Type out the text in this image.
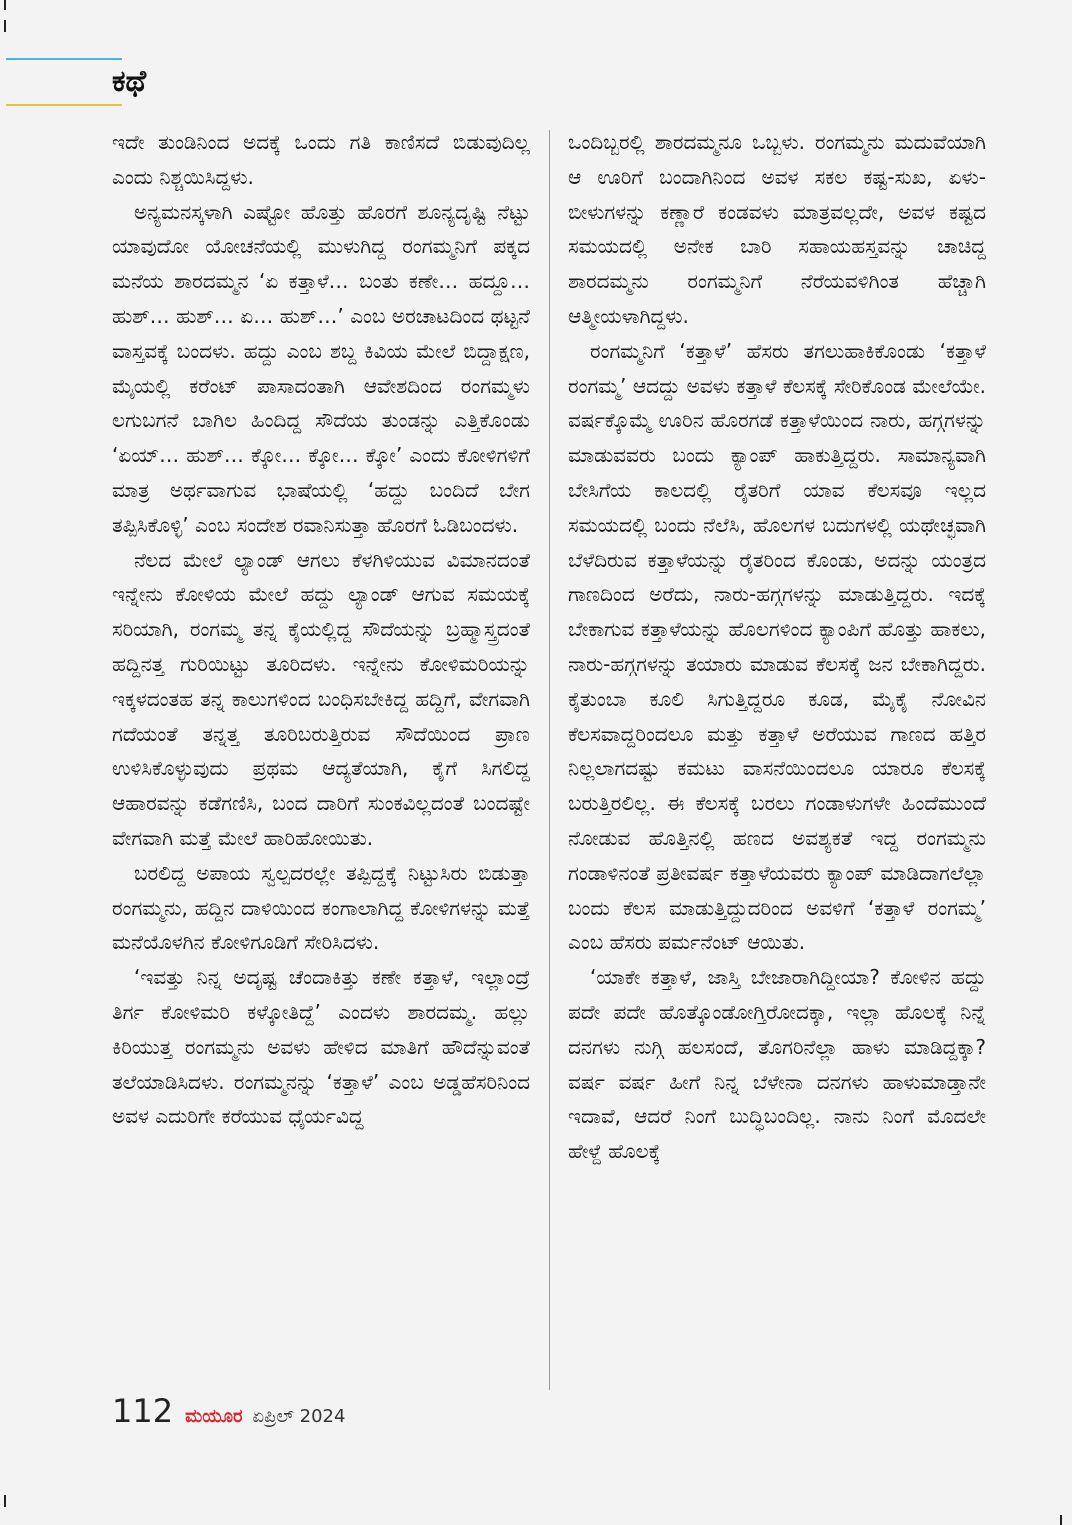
ಕಥೆ

ಇದೇ ತುಂಡಿನಿಂದ ಅದಕ್ಕೆ ಒಂದು ಗತಿ ಕಾಣಿಸದೆ ಬಿಡುವುದಿಲ್ಲ ಎಂದು ನಿಶ್ಚಯಿಸಿದ್ದಳು.

ಅನ್ಯಮನಸ್ಕಳಾಗಿ ಎಷ್ಟೋ ಹೊತ್ತು ಹೊರಗೆ ಶೂನ್ಯದೃಷ್ಟಿ ನೆಟ್ಟು ಯಾವುದೋ ಯೋಚನೆಯಲ್ಲಿ ಮುಳುಗಿದ್ದ ರಂಗಮ್ಮನಿಗೆ ಪಕ್ಕದ ಮನೆಯ ಶಾರದಮ್ಮನ ‘ಏ ಕತ್ತಾಳೆ… ಬಂತು ಕಣೇ… ಹದ್ದೂ… ಹುಶ್… ಹುಶ್… ಏ… ಹುಶ್…’ ಎಂಬ ಅರಚಾಟದಿಂದ ಥಟ್ಟನೆ ವಾಸ್ತವಕ್ಕೆ ಬಂದಳು. ಹದ್ದು ಎಂಬ ಶಬ್ದ ಕಿವಿಯ ಮೇಲೆ ಬಿದ್ದಾಕ್ಷಣ, ಮೈಯಲ್ಲಿ ಕರೆಂಟ್ ಪಾಸಾದಂತಾಗಿ ಆವೇಶದಿಂದ ರಂಗಮ್ಮಳು ಲಗುಬಗನೆ ಬಾಗಿಲ ಹಿಂದಿದ್ದ ಸೌದೆಯ ತುಂಡನ್ನು ಎತ್ತಿಕೊಂಡು ‘ಏಯ್… ಹುಶ್… ಕ್ಕೋ… ಕ್ಕೋ… ಕ್ಕೋ’ ಎಂದು ಕೋಳಿಗಳಿಗೆ ಮಾತ್ರ ಅರ್ಥವಾಗುವ ಭಾಷೆಯಲ್ಲಿ ‘ಹದ್ದು ಬಂದಿದೆ ಬೇಗ ತಪ್ಪಿಸಿಕೊಳ್ಳಿ’ ಎಂಬ ಸಂದೇಶ ರವಾನಿಸುತ್ತಾ ಹೊರಗೆ ಓಡಿಬಂದಳು.

ನೆಲದ ಮೇಲೆ ಲ್ಯಾಂಡ್ ಆಗಲು ಕೆಳಗಿಳಿಯುವ ವಿಮಾನದಂತೆ ಇನ್ನೇನು ಕೋಳಿಯ ಮೇಲೆ ಹದ್ದು ಲ್ಯಾಂಡ್ ಆಗುವ ಸಮಯಕ್ಕೆ ಸರಿಯಾಗಿ, ರಂಗಮ್ಮ ತನ್ನ ಕೈಯಲ್ಲಿದ್ದ ಸೌದೆಯನ್ನು ಬ್ರಹ್ಮಾಸ್ತ್ರದಂತೆ ಹದ್ದಿನತ್ತ ಗುರಿಯಿಟ್ಟು ತೂರಿದಳು. ಇನ್ನೇನು ಕೋಳಿಮರಿಯನ್ನು ಇಕ್ಕಳದಂತಹ ತನ್ನ ಕಾಲುಗಳಿಂದ ಬಂಧಿಸಬೇಕಿದ್ದ ಹದ್ದಿಗೆ, ವೇಗವಾಗಿ ಗದೆಯಂತೆ ತನ್ನತ್ತ ತೂರಿಬರುತ್ತಿರುವ ಸೌದೆಯಿಂದ ಪ್ರಾಣ ಉಳಿಸಿಕೊಳ್ಳುವುದು ಪ್ರಥಮ ಆದ್ಯತೆಯಾಗಿ, ಕೈಗೆ ಸಿಗಲಿದ್ದ ಆಹಾರವನ್ನು ಕಡೆಗಣಿಸಿ, ಬಂದ ದಾರಿಗೆ ಸುಂಕವಿಲ್ಲದಂತೆ ಬಂದಷ್ಟೇ ವೇಗವಾಗಿ ಮತ್ತೆ ಮೇಲೆ ಹಾರಿಹೋಯಿತು.

ಬರಲಿದ್ದ ಅಪಾಯ ಸ್ವಲ್ಪದರಲ್ಲೇ ತಪ್ಪಿದ್ದಕ್ಕೆ ನಿಟ್ಟುಸಿರು ಬಿಡುತ್ತಾ ರಂಗಮ್ಮನು, ಹದ್ದಿನ ದಾಳಿಯಿಂದ ಕಂಗಾಲಾಗಿದ್ದ ಕೋಳಿಗಳನ್ನು ಮತ್ತೆ ಮನೆಯೊಳಗಿನ ಕೋಳಿಗೂಡಿಗೆ ಸೇರಿಸಿದಳು.

‘ಇವತ್ತು ನಿನ್ನ ಅದೃಷ್ಟ ಚೆಂದಾಕಿತ್ತು ಕಣೇ ಕತ್ತಾಳೆ, ಇಲ್ಲಾಂದ್ರೆ ತಿರ್ಗ ಕೋಳಿಮರಿ ಕಳ್ಕೋತಿದ್ದೆ’ ಎಂದಳು ಶಾರದಮ್ಮ. ಹಲ್ಲು ಕಿರಿಯುತ್ತ ರಂಗಮ್ಮನು ಅವಳು ಹೇಳಿದ ಮಾತಿಗೆ ಹೌದೆನ್ನುವಂತೆ ತಲೆಯಾಡಿಸಿದಳು. ರಂಗಮ್ಮನನ್ನು ‘ಕತ್ತಾಳೆ’ ಎಂಬ ಅಡ್ಡಹೆಸರಿನಿಂದ ಅವಳ ಎದುರಿಗೇ ಕರೆಯುವ ಧೈರ್ಯವಿದ್ದ

ಒಂದಿಬ್ಬರಲ್ಲಿ ಶಾರದಮ್ಮನೂ ಒಬ್ಬಳು. ರಂಗಮ್ಮನು ಮದುವೆಯಾಗಿ ಆ ಊರಿಗೆ ಬಂದಾಗಿನಿಂದ ಅವಳ ಸಕಲ ಕಷ್ಟ-ಸುಖ, ಏಳು-ಬೀಳುಗಳನ್ನು ಕಣ್ಣಾರೆ ಕಂಡವಳು ಮಾತ್ರವಲ್ಲದೇ, ಅವಳ ಕಷ್ಟದ ಸಮಯದಲ್ಲಿ ಅನೇಕ ಬಾರಿ ಸಹಾಯಹಸ್ತವನ್ನು ಚಾಚಿದ್ದ ಶಾರದಮ್ಮನು ರಂಗಮ್ಮನಿಗೆ ನೆರೆಯವಳಿಗಿಂತ ಹೆಚ್ಚಾಗಿ ಆತ್ಮೀಯಳಾಗಿದ್ದಳು.

ರಂಗಮ್ಮನಿಗೆ ‘ಕತ್ತಾಳೆ’ ಹೆಸರು ತಗಲುಹಾಕಿಕೊಂಡು ‘ಕತ್ತಾಳೆ ರಂಗಮ್ಮ’ ಆದದ್ದು ಅವಳು ಕತ್ತಾಳೆ ಕೆಲಸಕ್ಕೆ ಸೇರಿಕೊಂಡ ಮೇಲೆಯೇ. ವರ್ಷಕ್ಕೊಮ್ಮೆ ಊರಿನ ಹೊರಗಡೆ ಕತ್ತಾಳೆಯಿಂದ ನಾರು, ಹಗ್ಗಗಳನ್ನು ಮಾಡುವವರು ಬಂದು ಕ್ಯಾಂಪ್ ಹಾಕುತ್ತಿದ್ದರು. ಸಾಮಾನ್ಯವಾಗಿ ಬೇಸಿಗೆಯ ಕಾಲದಲ್ಲಿ ರೈತರಿಗೆ ಯಾವ ಕೆಲಸವೂ ಇಲ್ಲದ ಸಮಯದಲ್ಲಿ ಬಂದು ನೆಲೆಸಿ, ಹೊಲಗಳ ಬದುಗಳಲ್ಲಿ ಯಥೇಚ್ಛವಾಗಿ ಬೆಳೆದಿರುವ ಕತ್ತಾಳೆಯನ್ನು ರೈತರಿಂದ ಕೊಂಡು, ಅದನ್ನು ಯಂತ್ರದ ಗಾಣದಿಂದ ಅರೆದು, ನಾರು-ಹಗ್ಗಗಳನ್ನು ಮಾಡುತ್ತಿದ್ದರು. ಇದಕ್ಕೆ ಬೇಕಾಗುವ ಕತ್ತಾಳೆಯನ್ನು ಹೊಲಗಳಿಂದ ಕ್ಯಾಂಪಿಗೆ ಹೊತ್ತು ಹಾಕಲು, ನಾರು-ಹಗ್ಗಗಳನ್ನು ತಯಾರು ಮಾಡುವ ಕೆಲಸಕ್ಕೆ ಜನ ಬೇಕಾಗಿದ್ದರು. ಕೈತುಂಬಾ ಕೂಲಿ ಸಿಗುತ್ತಿದ್ದರೂ ಕೂಡ, ಮೈಕೈ ನೋವಿನ ಕೆಲಸವಾದ್ದರಿಂದಲೂ ಮತ್ತು ಕತ್ತಾಳೆ ಅರೆಯುವ ಗಾಣದ ಹತ್ತಿರ ನಿಲ್ಲಲಾಗದಷ್ಟು ಕಮಟು ವಾಸನೆಯಿಂದಲೂ ಯಾರೂ ಕೆಲಸಕ್ಕೆ ಬರುತ್ತಿರಲಿಲ್ಲ. ಈ ಕೆಲಸಕ್ಕೆ ಬರಲು ಗಂಡಾಳುಗಳೇ ಹಿಂದೆಮುಂದೆ ನೋಡುವ ಹೊತ್ತಿನಲ್ಲಿ ಹಣದ ಅವಶ್ಯಕತೆ ಇದ್ದ ರಂಗಮ್ಮನು ಗಂಡಾಳಿನಂತೆ ಪ್ರತೀವರ್ಷ ಕತ್ತಾಳೆಯವರು ಕ್ಯಾಂಪ್ ಮಾಡಿದಾಗಲೆಲ್ಲಾ ಬಂದು ಕೆಲಸ ಮಾಡುತ್ತಿದ್ದುದರಿಂದ ಅವಳಿಗೆ ‘ಕತ್ತಾಳೆ ರಂಗಮ್ಮ’ ಎಂಬ ಹೆಸರು ಪರ್ಮನೆಂಟ್ ಆಯಿತು.

‘ಯಾಕೇ ಕತ್ತಾಳೆ, ಜಾಸ್ತಿ ಬೇಜಾರಾಗಿದ್ದೀಯಾ? ಕೋಳಿನ ಹದ್ದು ಪದೇ ಪದೇ ಹೊತ್ಕೊಂಡೋಗ್ತಿರೋದಕ್ಕಾ, ಇಲ್ಲಾ ಹೊಲಕ್ಕೆ ನಿನ್ನೆ ದನಗಳು ನುಗ್ಗಿ ಹಲಸಂದೆ, ತೊಗರಿನೆಲ್ಲಾ ಹಾಳು ಮಾಡಿದ್ದಕ್ಕಾ? ವರ್ಷ ವರ್ಷ ಹೀಗೆ ನಿನ್ನ ಬೆಳೇನಾ ದನಗಳು ಹಾಳುಮಾಡ್ತಾನೇ ಇದಾವೆ, ಆದರೆ ನಿಂಗೆ ಬುದ್ಧಿಬಂದಿಲ್ಲ. ನಾನು ನಿಂಗೆ ಮೊದಲೇ ಹೇಳ್ದೆ ಹೊಲಕ್ಕೆ

112 ಮಯೂರ ಏಪ್ರಿಲ್ 2024
